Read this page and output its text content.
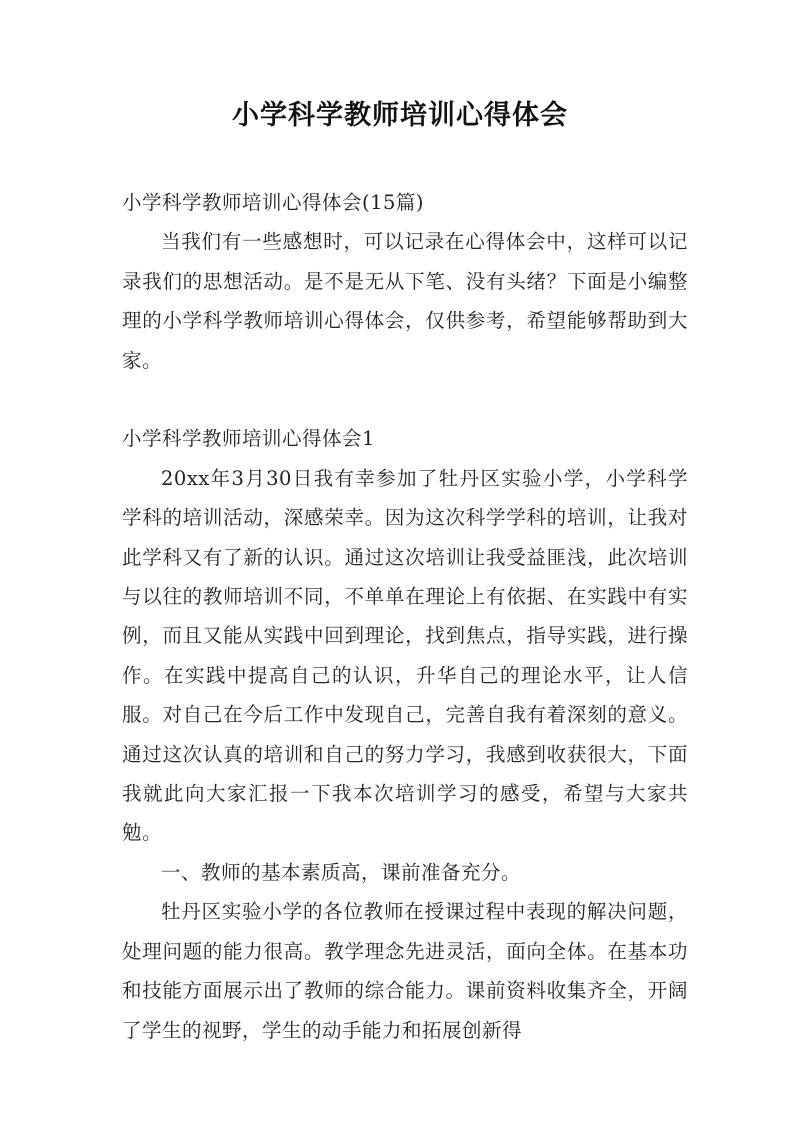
小学科学教师培训心得体会

小学科学教师培训心得体会(15篇)

当我们有一些感想时，可以记录在心得体会中，这样可以记录我们的思想活动。是不是无从下笔、没有头绪？下面是小编整理的小学科学教师培训心得体会，仅供参考，希望能够帮助到大家。

小学科学教师培训心得体会1

20xx年3月30日我有幸参加了牡丹区实验小学，小学科学学科的培训活动，深感荣幸。因为这次科学学科的培训，让我对此学科又有了新的认识。通过这次培训让我受益匪浅，此次培训与以往的教师培训不同，不单单在理论上有依据、在实践中有实例，而且又能从实践中回到理论，找到焦点，指导实践，进行操作。在实践中提高自己的认识，升华自己的理论水平，让人信服。对自己在今后工作中发现自己，完善自我有着深刻的意义。通过这次认真的培训和自己的努力学习，我感到收获很大，下面我就此向大家汇报一下我本次培训学习的感受，希望与大家共勉。

一、教师的基本素质高，课前准备充分。

牡丹区实验小学的各位教师在授课过程中表现的解决问题，处理问题的能力很高。教学理念先进灵活，面向全体。在基本功和技能方面展示出了教师的综合能力。课前资料收集齐全，开阔了学生的视野，学生的动手能力和拓展创新得
